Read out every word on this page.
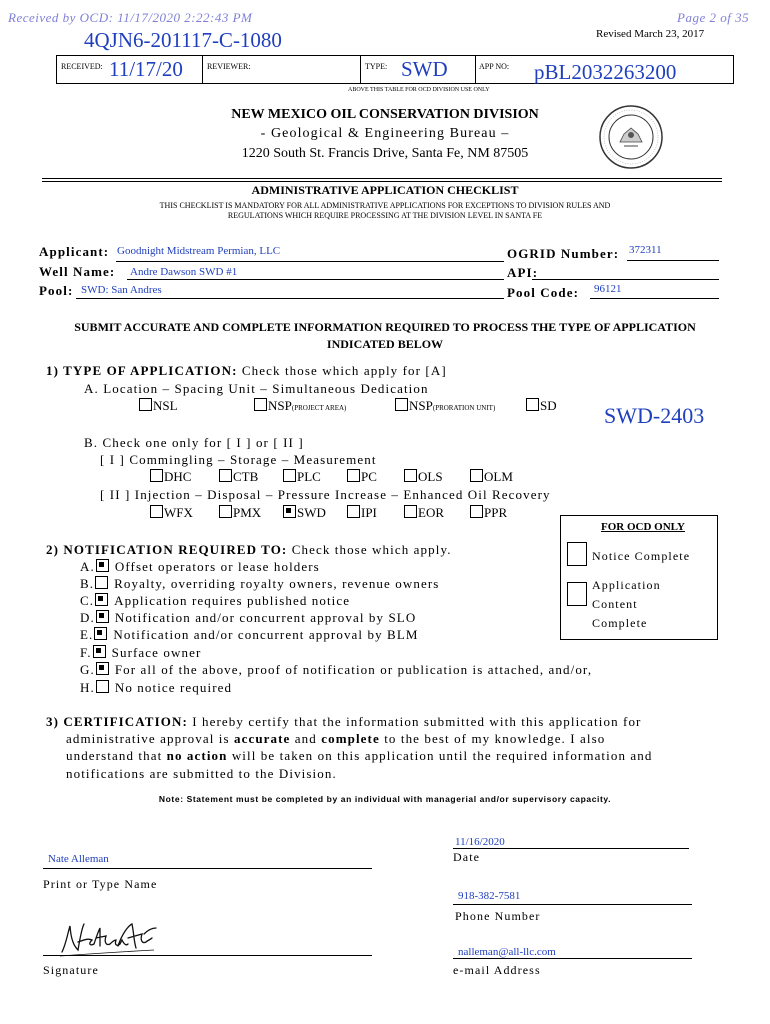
Received by OCD: 11/17/2020 2:22:43 PM	Page 2 of 35
4QJN6-201117-C-1080	Revised March 23, 2017
RECEIVED: 11/17/20	REVIEWER:	TYPE: SWD	APP NO: pBL2032263200
ABOVE THIS TABLE FOR OCD DIVISION USE ONLY
NEW MEXICO OIL CONSERVATION DIVISION
- Geological & Engineering Bureau –
1220 South St. Francis Drive, Santa Fe, NM 87505
ADMINISTRATIVE APPLICATION CHECKLIST
THIS CHECKLIST IS MANDATORY FOR ALL ADMINISTRATIVE APPLICATIONS FOR EXCEPTIONS TO DIVISION RULES AND
REGULATIONS WHICH REQUIRE PROCESSING AT THE DIVISION LEVEL IN SANTA FE
Applicant: Goodnight Midstream Permian, LLC	OGRID Number: 372311
Well Name: Andre Dawson SWD #1	API:
Pool: SWD: San Andres	Pool Code: 96121
SUBMIT ACCURATE AND COMPLETE INFORMATION REQUIRED TO PROCESS THE TYPE OF APPLICATION
INDICATED BELOW
1) TYPE OF APPLICATION: Check those which apply for [A]
A. Location – Spacing Unit – Simultaneous Dedication
NSL	NSP(PROJECT AREA)	NSP(PRORATION UNIT)	SD SWD-2403
B. Check one only for [ I ] or [ II ]
[ I ] Commingling – Storage – Measurement
DHC	CTB	PLC	PC	OLS	OLM
[ II ] Injection – Disposal – Pressure Increase – Enhanced Oil Recovery
WFX	PMX	SWD	IPI	EOR	PPR
FOR OCD ONLY
Notice Complete
Application
Content
Complete
2) NOTIFICATION REQUIRED TO: Check those which apply.
A. Offset operators or lease holders
B. Royalty, overriding royalty owners, revenue owners
C. Application requires published notice
D. Notification and/or concurrent approval by SLO
E. Notification and/or concurrent approval by BLM
F. Surface owner
G. For all of the above, proof of notification or publication is attached, and/or,
H. No notice required
3) CERTIFICATION: I hereby certify that the information submitted with this application for
administrative approval is accurate and complete to the best of my knowledge. I also
understand that no action will be taken on this application until the required information and
notifications are submitted to the Division.
Note: Statement must be completed by an individual with managerial and/or supervisory capacity.
11/16/2020
Date
Nate Alleman
Print or Type Name
918-382-7581
Phone Number
Signature
nalleman@all-llc.com
e-mail Address
